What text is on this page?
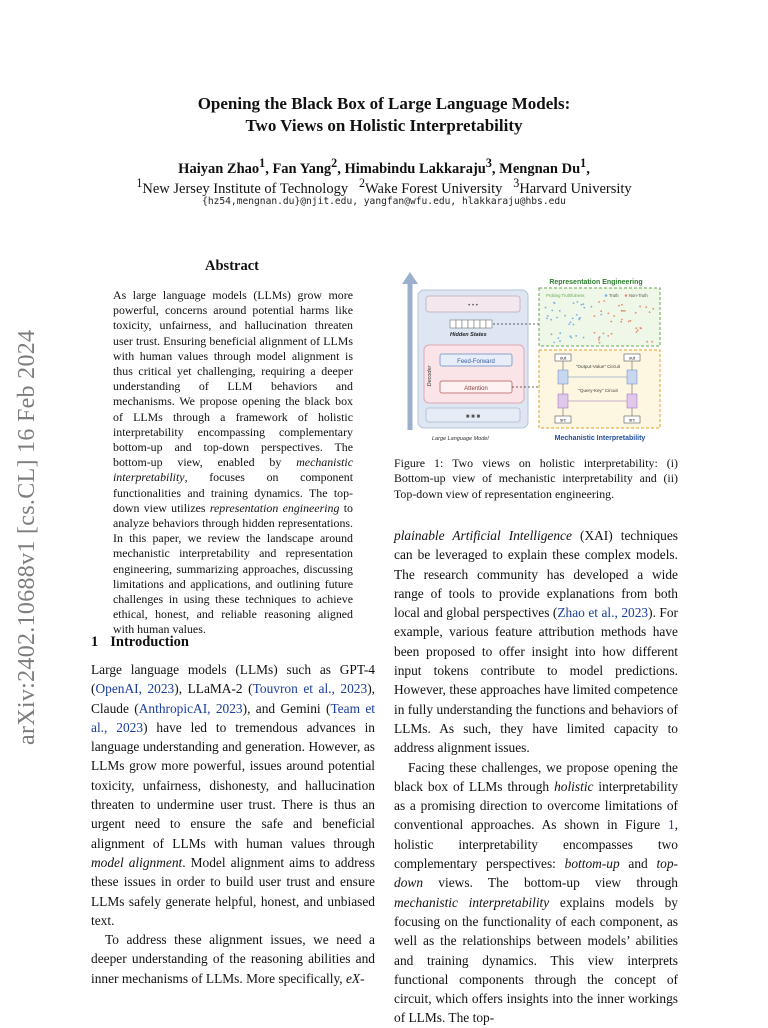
arXiv:2402.10688v1 [cs.CL] 16 Feb 2024
Opening the Black Box of Large Language Models:
Two Views on Holistic Interpretability
Haiyan Zhao$^1$, Fan Yang$^2$, Himabindu Lakkaraju$^3$, Mengnan Du$^1$,
$^1$New Jersey Institute of Technology $^2$Wake Forest University $^3$Harvard University
{hz54,mengnan.du}@njit.edu, yangfan@wfu.edu, hlakkaraju@hbs.edu
Abstract
As large language models (LLMs) grow more powerful, concerns around potential harms like toxicity, unfairness, and hallucination threaten user trust. Ensuring beneficial alignment of LLMs with human values through model alignment is thus critical yet challenging, requiring a deeper understanding of LLM behaviors and mechanisms. We propose opening the black box of LLMs through a framework of holistic interpretability encompassing complementary bottom-up and top-down perspectives. The bottom-up view, enabled by mechanistic interpretability, focuses on component functionalities and training dynamics. The top-down view utilizes representation engineering to analyze behaviors through hidden representations. In this paper, we review the landscape around mechanistic interpretability and representation engineering, summarizing approaches, discussing limitations and applications, and outlining future challenges in using these techniques to achieve ethical, honest, and reliable reasoning aligned with human values.
1 Introduction

Large language models (LLMs) such as GPT-4 (OpenAI, 2023), LLaMA-2 (Touvron et al., 2023), Claude (AnthropicAI, 2023), and Gemini (Team et al., 2023) have led to tremendous advances in language understanding and generation. However, as LLMs grow more powerful, issues around potential toxicity, unfairness, dishonesty, and hallucination threaten to undermine user trust. There is thus an urgent need to ensure the safe and beneficial alignment of LLMs with human values through model alignment. Model alignment aims to address these issues in order to build user trust and ensure LLMs safely generate helpful, honest, and unbiased text.

To address these alignment issues, we need a deeper understanding of the reasoning abilities and inner mechanisms of LLMs. More specifically, eX-

• • •
Hidden States
Decoder
Feed-Forward
Attention
■ ■ ■
Large Language Model
Representation Engineering
Probing Truthfulness	Truth Non-Truth
out	out
src	src
"Output-Value" Circuit
"Query-Key" Circuit
Mechanistic Interpretability
Figure 1: Two views on holistic interpretability: (i) Bottom-up view of mechanistic interpretability and (ii) Top-down view of representation engineering.

plainable Artificial Intelligence (XAI) techniques can be leveraged to explain these complex models. The research community has developed a wide range of tools to provide explanations from both local and global perspectives (Zhao et al., 2023). For example, various feature attribution methods have been proposed to offer insight into how different input tokens contribute to model predictions. However, these approaches have limited competence in fully understanding the functions and behaviors of LLMs. As such, they have limited capacity to address alignment issues.

Facing these challenges, we propose opening the black box of LLMs through holistic interpretability as a promising direction to overcome limitations of conventional approaches. As shown in Figure 1, holistic interpretability encompasses two complementary perspectives: bottom-up and top-down views. The bottom-up view through mechanistic interpretability explains models by focusing on the functionality of each component, as well as the relationships between models’ abilities and training dynamics. This view interprets functional components through the concept of circuit, which offers insights into the inner workings of LLMs. The top-
